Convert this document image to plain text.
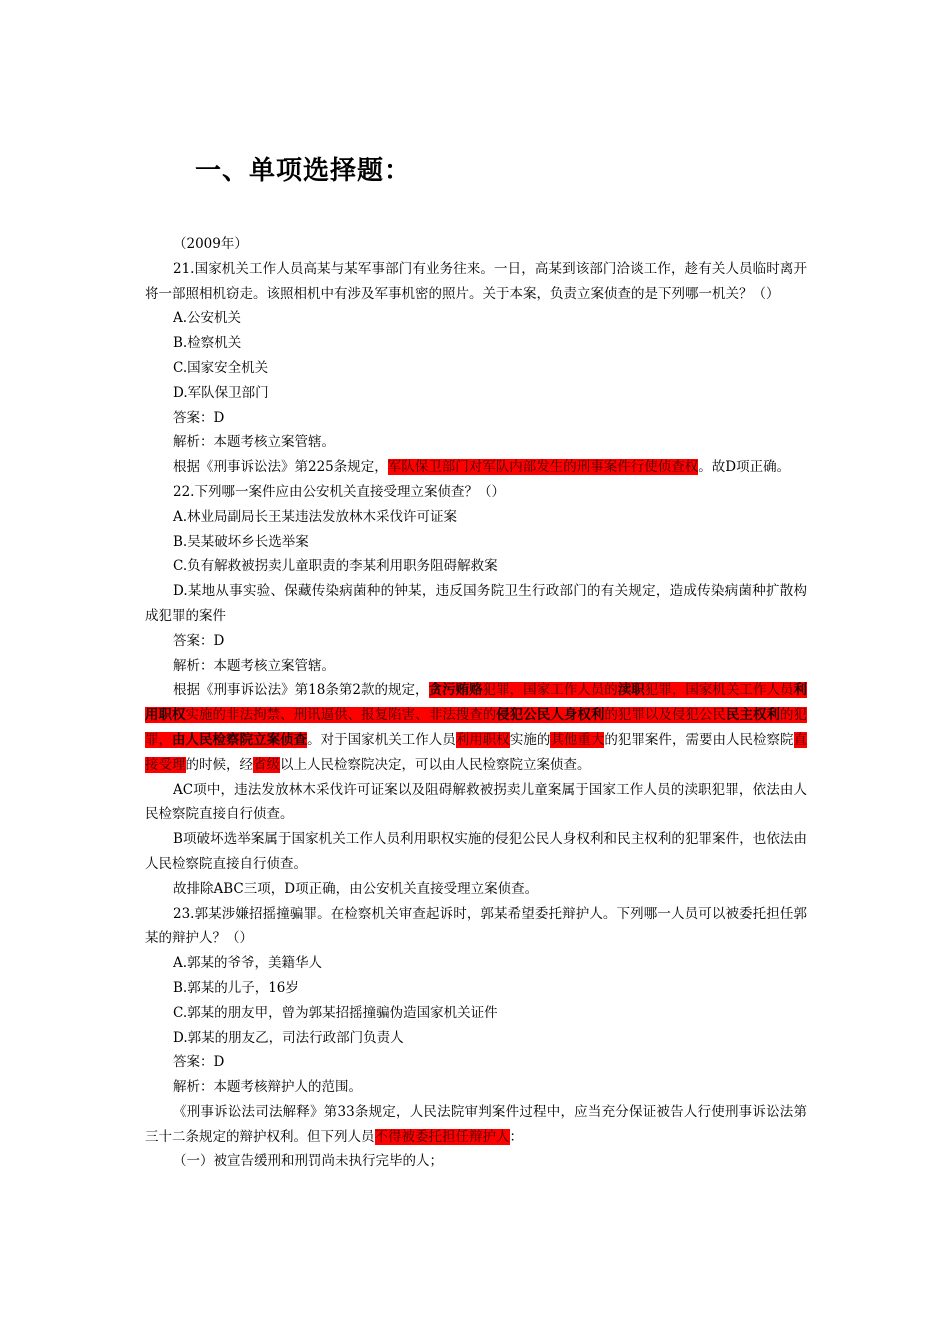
一、单项选择题：

（2009年）

21.国家机关工作人员高某与某军事部门有业务往来。一日，高某到该部门洽谈工作，趁有关人员临时离开将一部照相机窃走。该照相机中有涉及军事机密的照片。关于本案，负责立案侦查的是下列哪一机关？（）

A.公安机关

B.检察机关

C.国家安全机关

D.军队保卫部门

答案：D

解析：本题考核立案管辖。

根据《刑事诉讼法》第225条规定，军队保卫部门对军队内部发生的刑事案件行使侦查权。故D项正确。

22.下列哪一案件应由公安机关直接受理立案侦查？（）

A.林业局副局长王某违法发放林木采伐许可证案

B.吴某破坏乡长选举案

C.负有解救被拐卖儿童职责的李某利用职务阻碍解救案

D.某地从事实验、保藏传染病菌种的钟某，违反国务院卫生行政部门的有关规定，造成传染病菌种扩散构成犯罪的案件

答案：D

解析：本题考核立案管辖。

根据《刑事诉讼法》第18条第2款的规定，贪污贿赂犯罪，国家工作人员的渎职犯罪，国家机关工作人员利用职权实施的非法拘禁、刑讯逼供、报复陷害、非法搜查的侵犯公民人身权利的犯罪以及侵犯公民民主权利的犯罪，由人民检察院立案侦查。对于国家机关工作人员利用职权实施的其他重大的犯罪案件，需要由人民检察院直接受理的时候，经省级以上人民检察院决定，可以由人民检察院立案侦查。

AC项中，违法发放林木采伐许可证案以及阻碍解救被拐卖儿童案属于国家工作人员的渎职犯罪，依法由人民检察院直接自行侦查。

B项破坏选举案属于国家机关工作人员利用职权实施的侵犯公民人身权利和民主权利的犯罪案件，也依法由人民检察院直接自行侦查。

故排除ABC三项，D项正确，由公安机关直接受理立案侦查。

23.郭某涉嫌招摇撞骗罪。在检察机关审查起诉时，郭某希望委托辩护人。下列哪一人员可以被委托担任郭某的辩护人？（）

A.郭某的爷爷，美籍华人

B.郭某的儿子，16岁

C.郭某的朋友甲，曾为郭某招摇撞骗伪造国家机关证件

D.郭某的朋友乙，司法行政部门负责人

答案：D

解析：本题考核辩护人的范围。

《刑事诉讼法司法解释》第33条规定，人民法院审判案件过程中，应当充分保证被告人行使刑事诉讼法第三十二条规定的辩护权利。但下列人员不得被委托担任辩护人：

（一）被宣告缓刑和刑罚尚未执行完毕的人；
